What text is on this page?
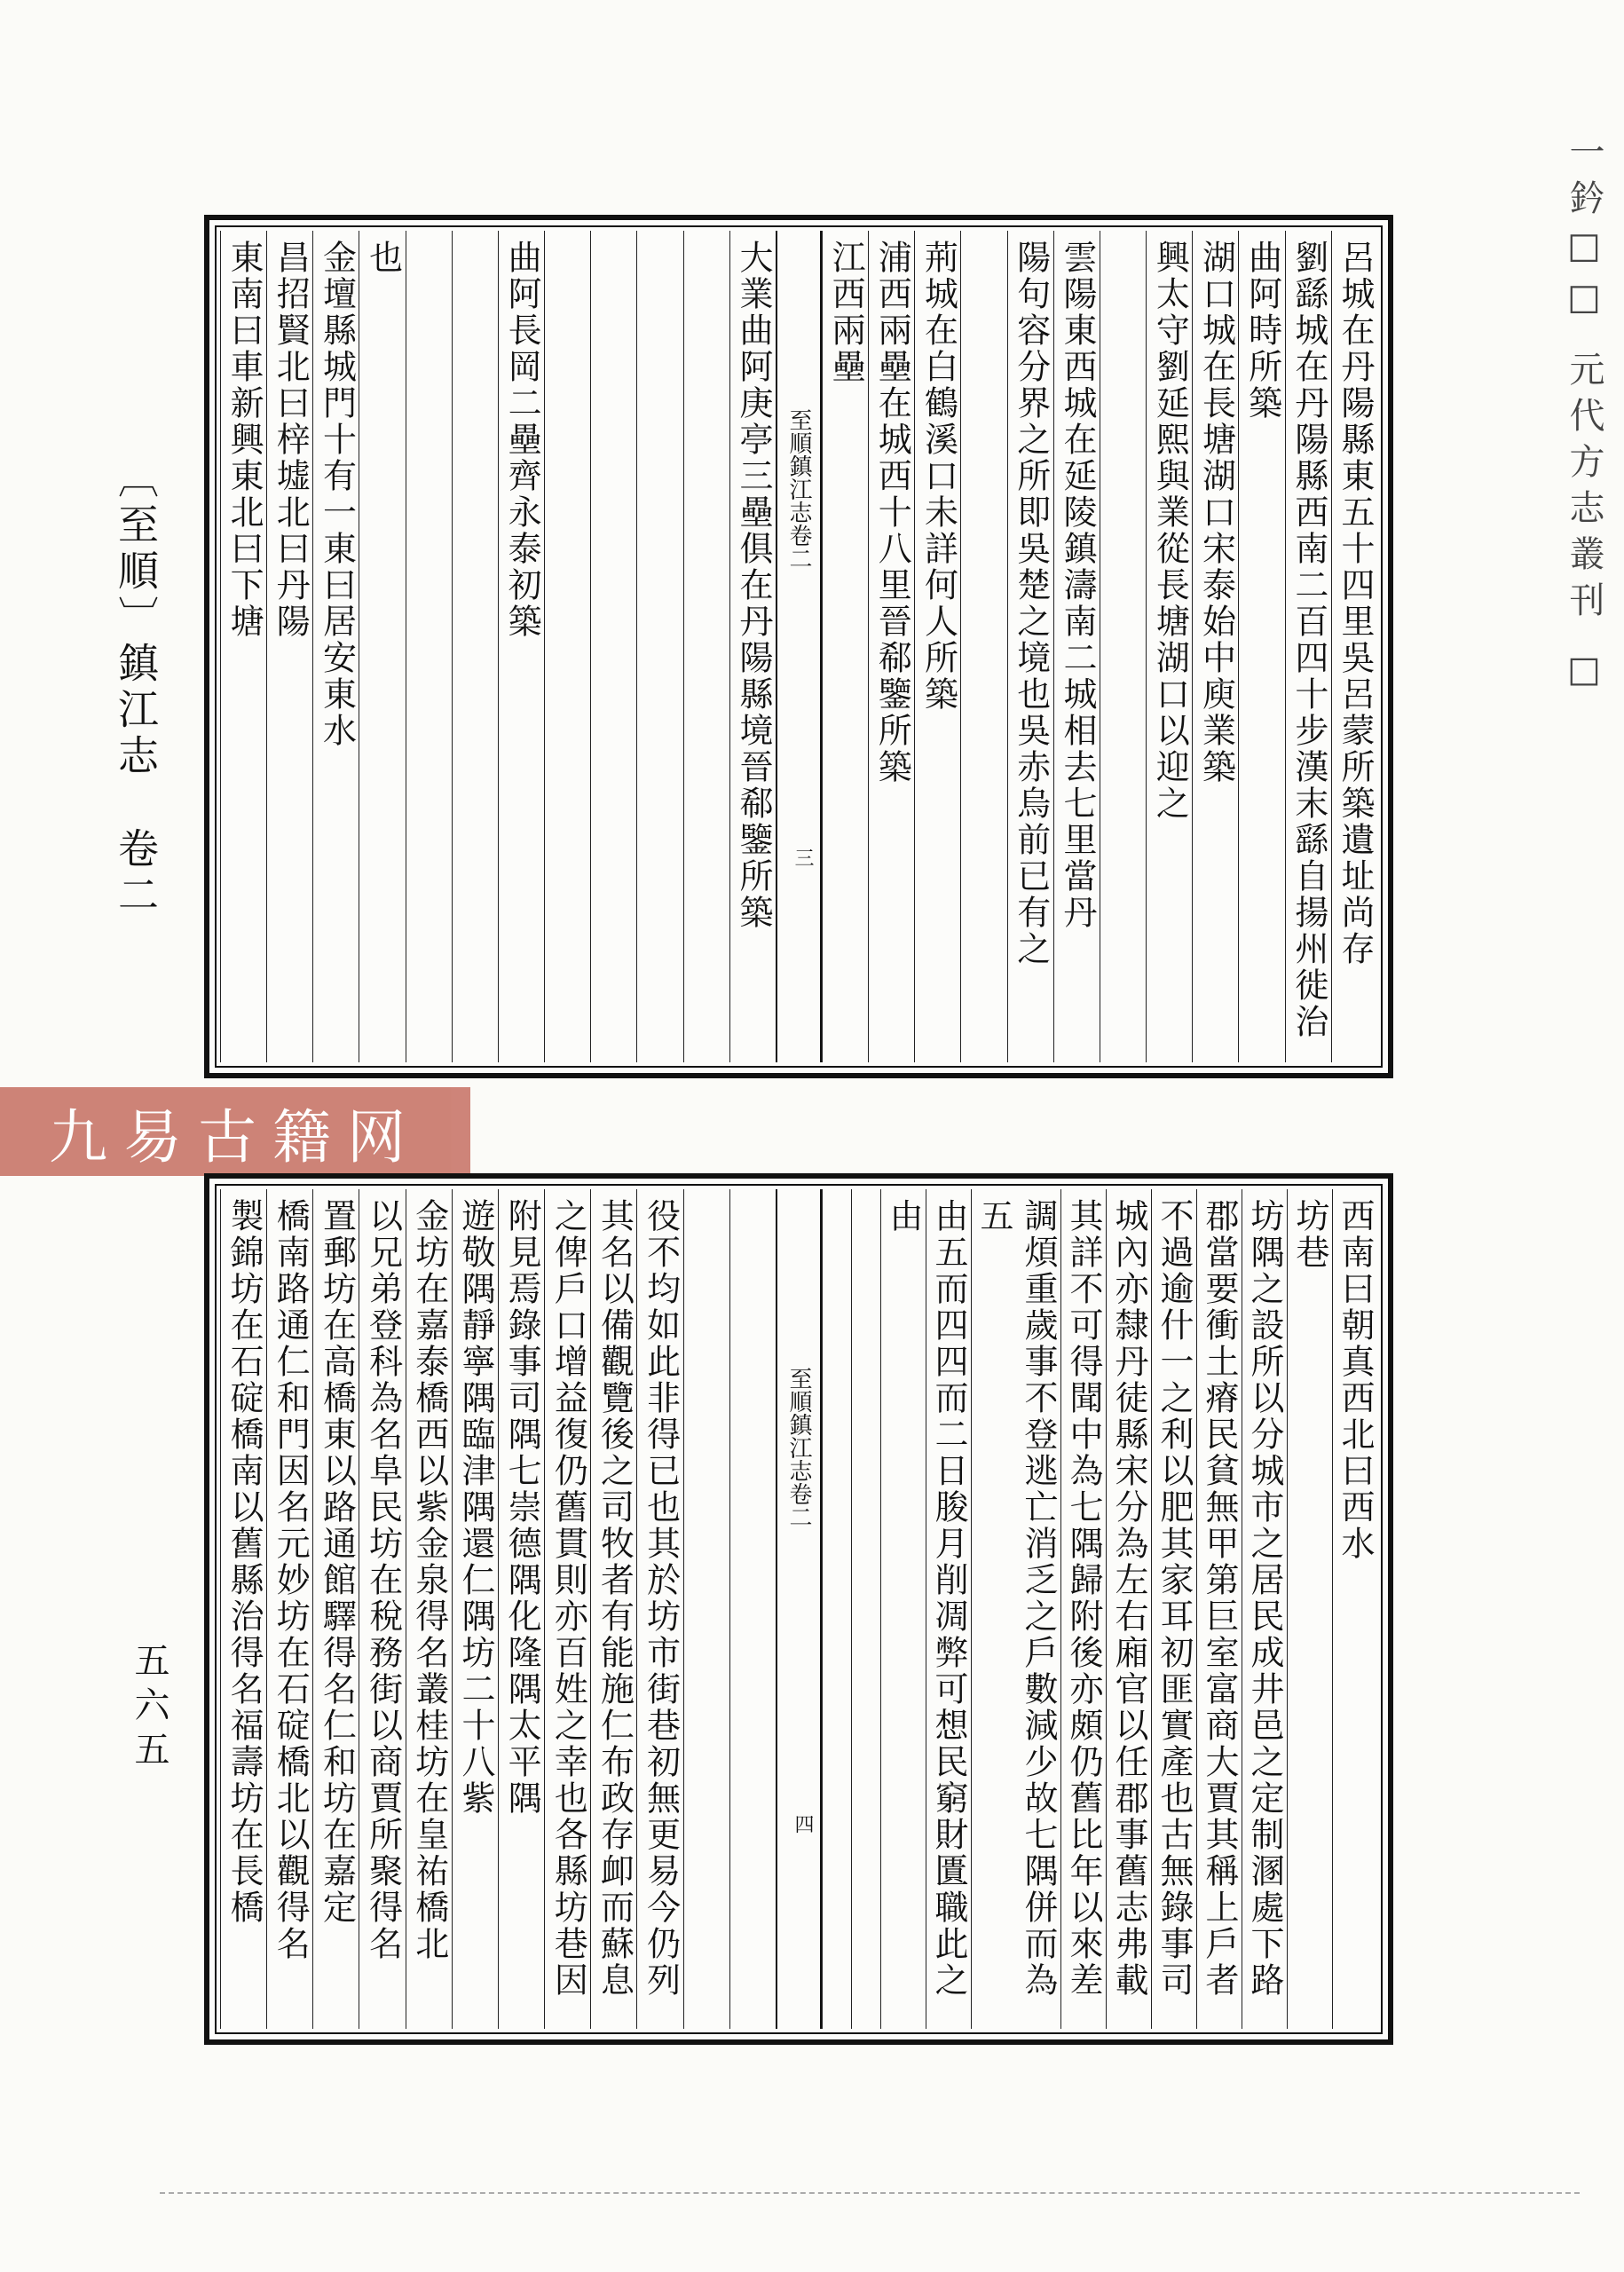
一鈐□□ 元代方志叢刊 □
〔至順〕鎮江志 卷二
五六五
九易古籍网
呂城在丹陽縣東五十四里吳呂蒙所築遺址尚存
劉繇城在丹陽縣西南二百四十步漢末繇自揚州徙治
曲阿時所築
湖口城在長塘湖口宋泰始中庾業築
興太守劉延熙與業從長塘湖口以迎之
雲陽東西城在延陵鎮濤南二城相去七里當丹
陽句容分界之所即吳楚之境也吳赤烏前已有之
荊城在白鶴溪口未詳何人所築
浦西兩壘在城西十八里晉郗鑒所築
江西兩壘
至順鎮江志卷二
三
大業曲阿庚亭三壘俱在丹陽縣境晉郗鑒所築
曲阿長岡二壘齊永泰初築
也
金壇縣城門十有一東曰居安東水
昌招賢北曰梓墟北曰丹陽
東南曰車新興東北曰下塘
西南曰朝真西北曰西水
坊巷
坊隅之設所以分城市之居民成井邑之定制溷處下路
郡當要衝土瘠民貧無甲第巨室富商大賈其稱上戶者
不過逾什一之利以肥其家耳初匪實產也古無錄事司
城內亦隸丹徒縣宋分為左右廂官以任郡事舊志弗載
其詳不可得聞中為七隅歸附後亦頗仍舊比年以來差
調煩重歲事不登逃亡消乏之戶數減少故七隅併而為五
由五而四四而二日朘月削凋弊可想民窮財匱職此之
由
至順鎮江志卷二
四
役不均如此非得已也其於坊市街巷初無更易今仍列
其名以備觀覽後之司牧者有能施仁布政存卹而蘇息
之俾戶口增益復仍舊貫則亦百姓之幸也各縣坊巷因
附見焉錄事司隅七崇德隅化隆隅太平隅
遊敬隅靜寧隅臨津隅還仁隅坊二十八紫
金坊在嘉泰橋西以紫金泉得名叢桂坊在皇祐橋北
以兄弟登科為名阜民坊在稅務街以商賈所聚得名
置郵坊在高橋東以路通館驛得名仁和坊在嘉定
橋南路通仁和門因名元妙坊在石碇橋北以觀得名
製錦坊在石碇橋南以舊縣治得名福壽坊在長橋
